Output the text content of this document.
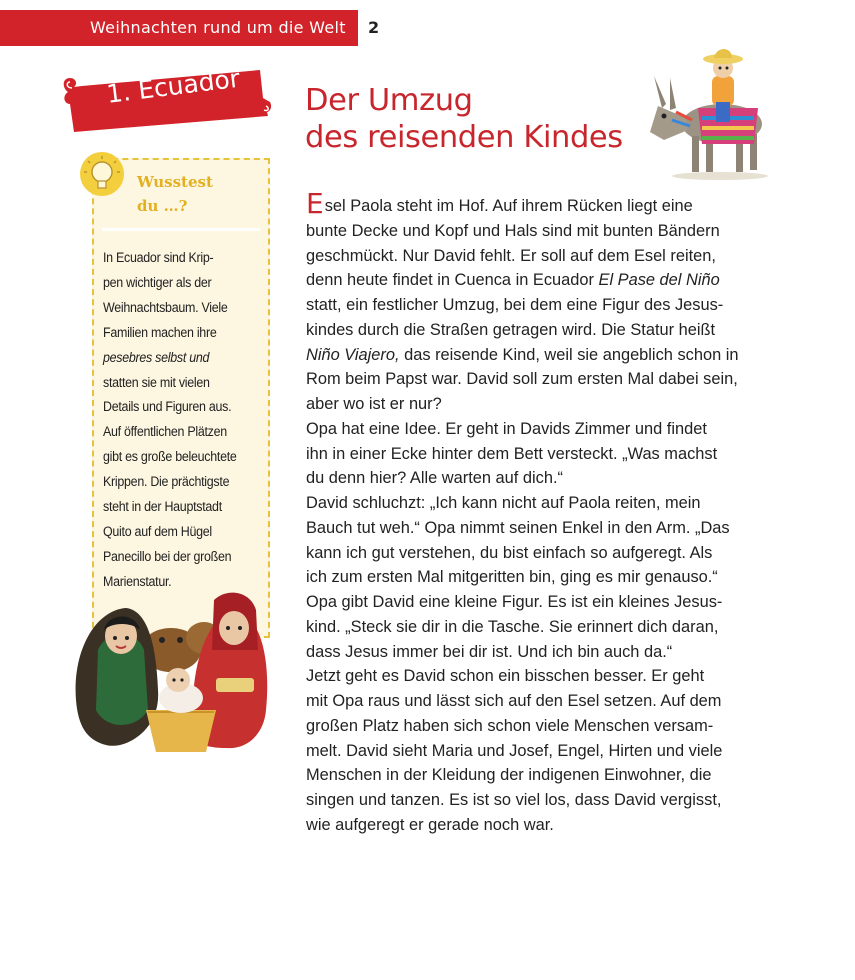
Weihnachten rund um die Welt 2
1. Ecuador
Wusstest
du …?
In Ecuador sind Krip-
pen wichtiger als der
Weihnachtsbaum. Viele
Familien machen ihre
pesebres selbst und
statten sie mit vielen
Details und Figuren aus.
Auf öffentlichen Plätzen
gibt es große beleuchtete
Krippen. Die prächtigste
steht in der Hauptstadt
Quito auf dem Hügel
Panecillo bei der großen
Marienstatur.
Der Umzug
des reisenden Kindes
Esel Paola steht im Hof. Auf ihrem Rücken liegt eine
bunte Decke und Kopf und Hals sind mit bunten Bändern
geschmückt. Nur David fehlt. Er soll auf dem Esel reiten,
denn heute findet in Cuenca in Ecuador El Pase del Niño
statt, ein festlicher Umzug, bei dem eine Figur des Jesus-
kindes durch die Straßen getragen wird. Die Statur heißt
Niño Viajero, das reisende Kind, weil sie angeblich schon in
Rom beim Papst war. David soll zum ersten Mal dabei sein,
aber wo ist er nur?
Opa hat eine Idee. Er geht in Davids Zimmer und findet
ihn in einer Ecke hinter dem Bett versteckt. „Was machst
du denn hier? Alle warten auf dich.“
David schluchzt: „Ich kann nicht auf Paola reiten, mein
Bauch tut weh.“ Opa nimmt seinen Enkel in den Arm. „Das
kann ich gut verstehen, du bist einfach so aufgeregt. Als
ich zum ersten Mal mitgeritten bin, ging es mir genauso.“
Opa gibt David eine kleine Figur. Es ist ein kleines Jesus-
kind. „Steck sie dir in die Tasche. Sie erinnert dich daran,
dass Jesus immer bei dir ist. Und ich bin auch da.“
Jetzt geht es David schon ein bisschen besser. Er geht
mit Opa raus und lässt sich auf den Esel setzen. Auf dem
großen Platz haben sich schon viele Menschen versam-
melt. David sieht Maria und Josef, Engel, Hirten und viele
Menschen in der Kleidung der indigenen Einwohner, die
singen und tanzen. Es ist so viel los, dass David vergisst,
wie aufgeregt er gerade noch war.
